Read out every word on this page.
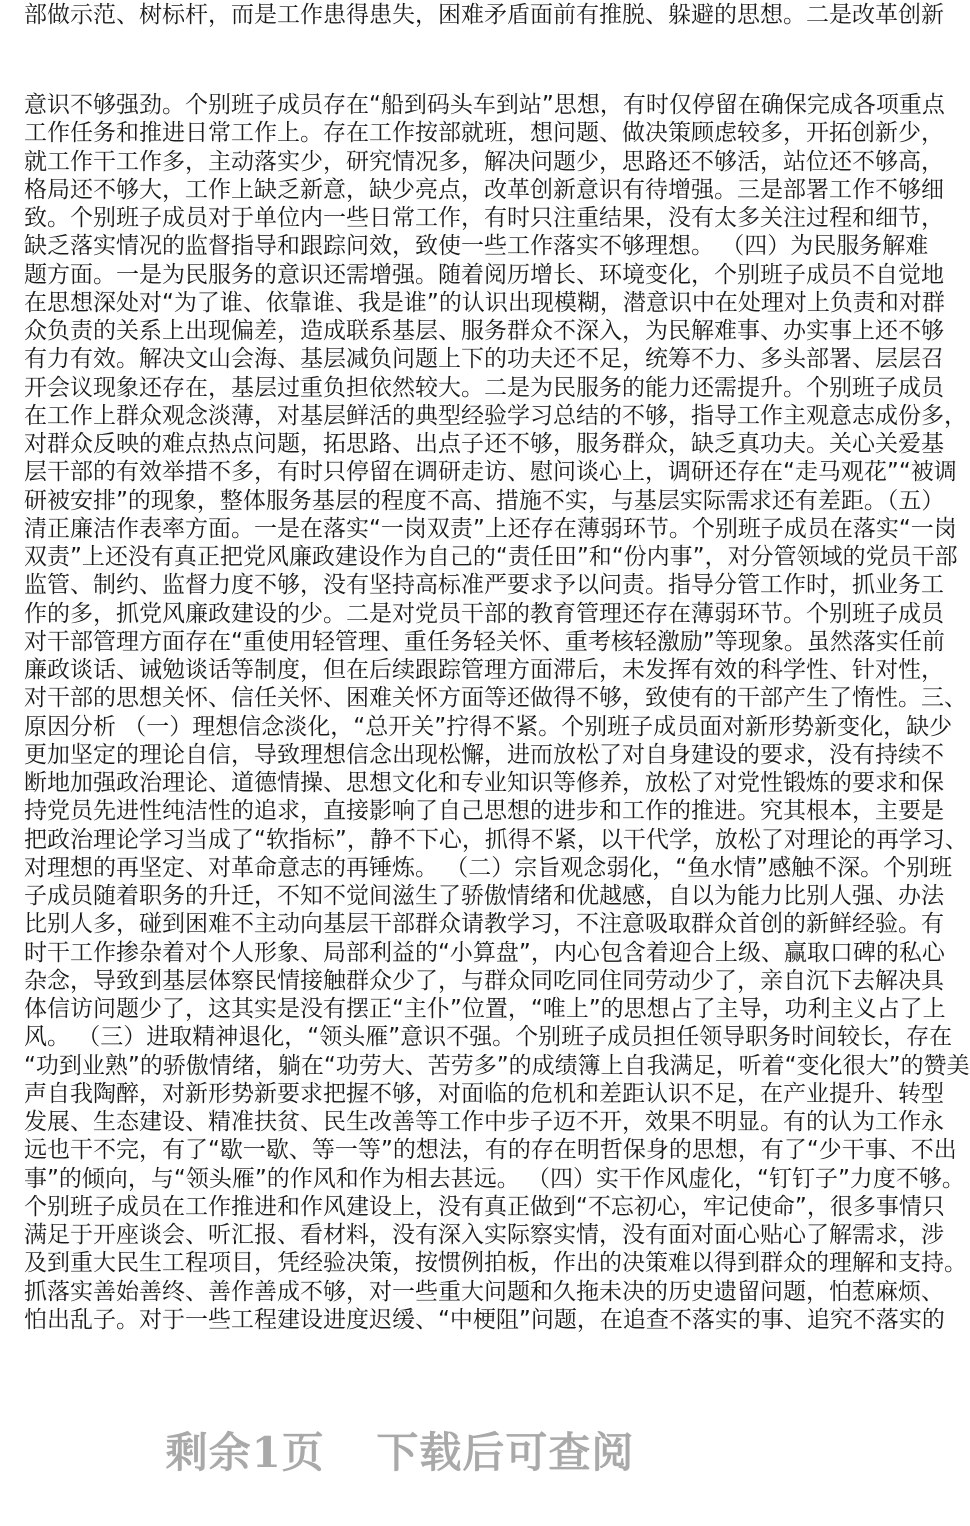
部做示范、树标杆，而是工作患得患失，困难矛盾面前有推脱、躲避的思想。二是改革创新
意识不够强劲。个别班子成员存在“船到码头车到站”思想，有时仅停留在确保完成各项重点
工作任务和推进日常工作上。存在工作按部就班，想问题、做决策顾虑较多，开拓创新少，
就工作干工作多，主动落实少，研究情况多，解决问题少，思路还不够活，站位还不够高，
格局还不够大，工作上缺乏新意，缺少亮点，改革创新意识有待增强。三是部署工作不够细
致。个别班子成员对于单位内一些日常工作，有时只注重结果，没有太多关注过程和细节，
缺乏落实情况的监督指导和跟踪问效，致使一些工作落实不够理想。 （四）为民服务解难
题方面。一是为民服务的意识还需增强。随着阅历增长、环境变化，个别班子成员不自觉地
在思想深处对“为了谁、依靠谁、我是谁”的认识出现模糊，潜意识中在处理对上负责和对群
众负责的关系上出现偏差，造成联系基层、服务群众不深入，为民解难事、办实事上还不够
有力有效。解决文山会海、基层减负问题上下的功夫还不足，统筹不力、多头部署、层层召
开会议现象还存在，基层过重负担依然较大。二是为民服务的能力还需提升。个别班子成员
在工作上群众观念淡薄，对基层鲜活的典型经验学习总结的不够，指导工作主观意志成份多，
对群众反映的难点热点问题，拓思路、出点子还不够，服务群众，缺乏真功夫。关心关爱基
层干部的有效举措不多，有时只停留在调研走访、慰问谈心上，调研还存在“走马观花”“被调
研被安排”的现象，整体服务基层的程度不高、措施不实，与基层实际需求还有差距。（五）
清正廉洁作表率方面。一是在落实“一岗双责”上还存在薄弱环节。个别班子成员在落实“一岗
双责”上还没有真正把党风廉政建设作为自己的“责任田”和“份内事”，对分管领域的党员干部
监管、制约、监督力度不够，没有坚持高标准严要求予以问责。指导分管工作时，抓业务工
作的多，抓党风廉政建设的少。二是对党员干部的教育管理还存在薄弱环节。个别班子成员
对干部管理方面存在“重使用轻管理、重任务轻关怀、重考核轻激励”等现象。虽然落实任前
廉政谈话、诫勉谈话等制度，但在后续跟踪管理方面滞后，未发挥有效的科学性、针对性，
对干部的思想关怀、信任关怀、困难关怀方面等还做得不够，致使有的干部产生了惰性。三、
原因分析 （一）理想信念淡化，“总开关”拧得不紧。个别班子成员面对新形势新变化，缺少
更加坚定的理论自信，导致理想信念出现松懈，进而放松了对自身建设的要求，没有持续不
断地加强政治理论、道德情操、思想文化和专业知识等修养，放松了对党性锻炼的要求和保
持党员先进性纯洁性的追求，直接影响了自己思想的进步和工作的推进。究其根本，主要是
把政治理论学习当成了“软指标”，静不下心，抓得不紧，以干代学，放松了对理论的再学习、
对理想的再坚定、对革命意志的再锤炼。 （二）宗旨观念弱化，“鱼水情”感触不深。个别班
子成员随着职务的升迁，不知不觉间滋生了骄傲情绪和优越感，自以为能力比别人强、办法
比别人多，碰到困难不主动向基层干部群众请教学习，不注意吸取群众首创的新鲜经验。有
时干工作掺杂着对个人形象、局部利益的“小算盘”，内心包含着迎合上级、赢取口碑的私心
杂念，导致到基层体察民情接触群众少了，与群众同吃同住同劳动少了，亲自沉下去解决具
体信访问题少了，这其实是没有摆正“主仆”位置，“唯上”的思想占了主导，功利主义占了上
风。 （三）进取精神退化，“领头雁”意识不强。个别班子成员担任领导职务时间较长，存在
“功到业熟”的骄傲情绪，躺在“功劳大、苦劳多”的成绩簿上自我满足，听着“变化很大”的赞美
声自我陶醉，对新形势新要求把握不够，对面临的危机和差距认识不足，在产业提升、转型
发展、生态建设、精准扶贫、民生改善等工作中步子迈不开，效果不明显。有的认为工作永
远也干不完，有了“歇一歇、等一等”的想法，有的存在明哲保身的思想，有了“少干事、不出
事”的倾向，与“领头雁”的作风和作为相去甚远。 （四）实干作风虚化，“钉钉子”力度不够。
个别班子成员在工作推进和作风建设上，没有真正做到“不忘初心，牢记使命”，很多事情只
满足于开座谈会、听汇报、看材料，没有深入实际察实情，没有面对面心贴心了解需求，涉
及到重大民生工程项目，凭经验决策，按惯例拍板，作出的决策难以得到群众的理解和支持。
抓落实善始善终、善作善成不够，对一些重大问题和久拖未决的历史遗留问题，怕惹麻烦、
怕出乱子。对于一些工程建设进度迟缓、“中梗阻”问题，在追查不落实的事、追究不落实的
剩余1页 下载后可查阅
